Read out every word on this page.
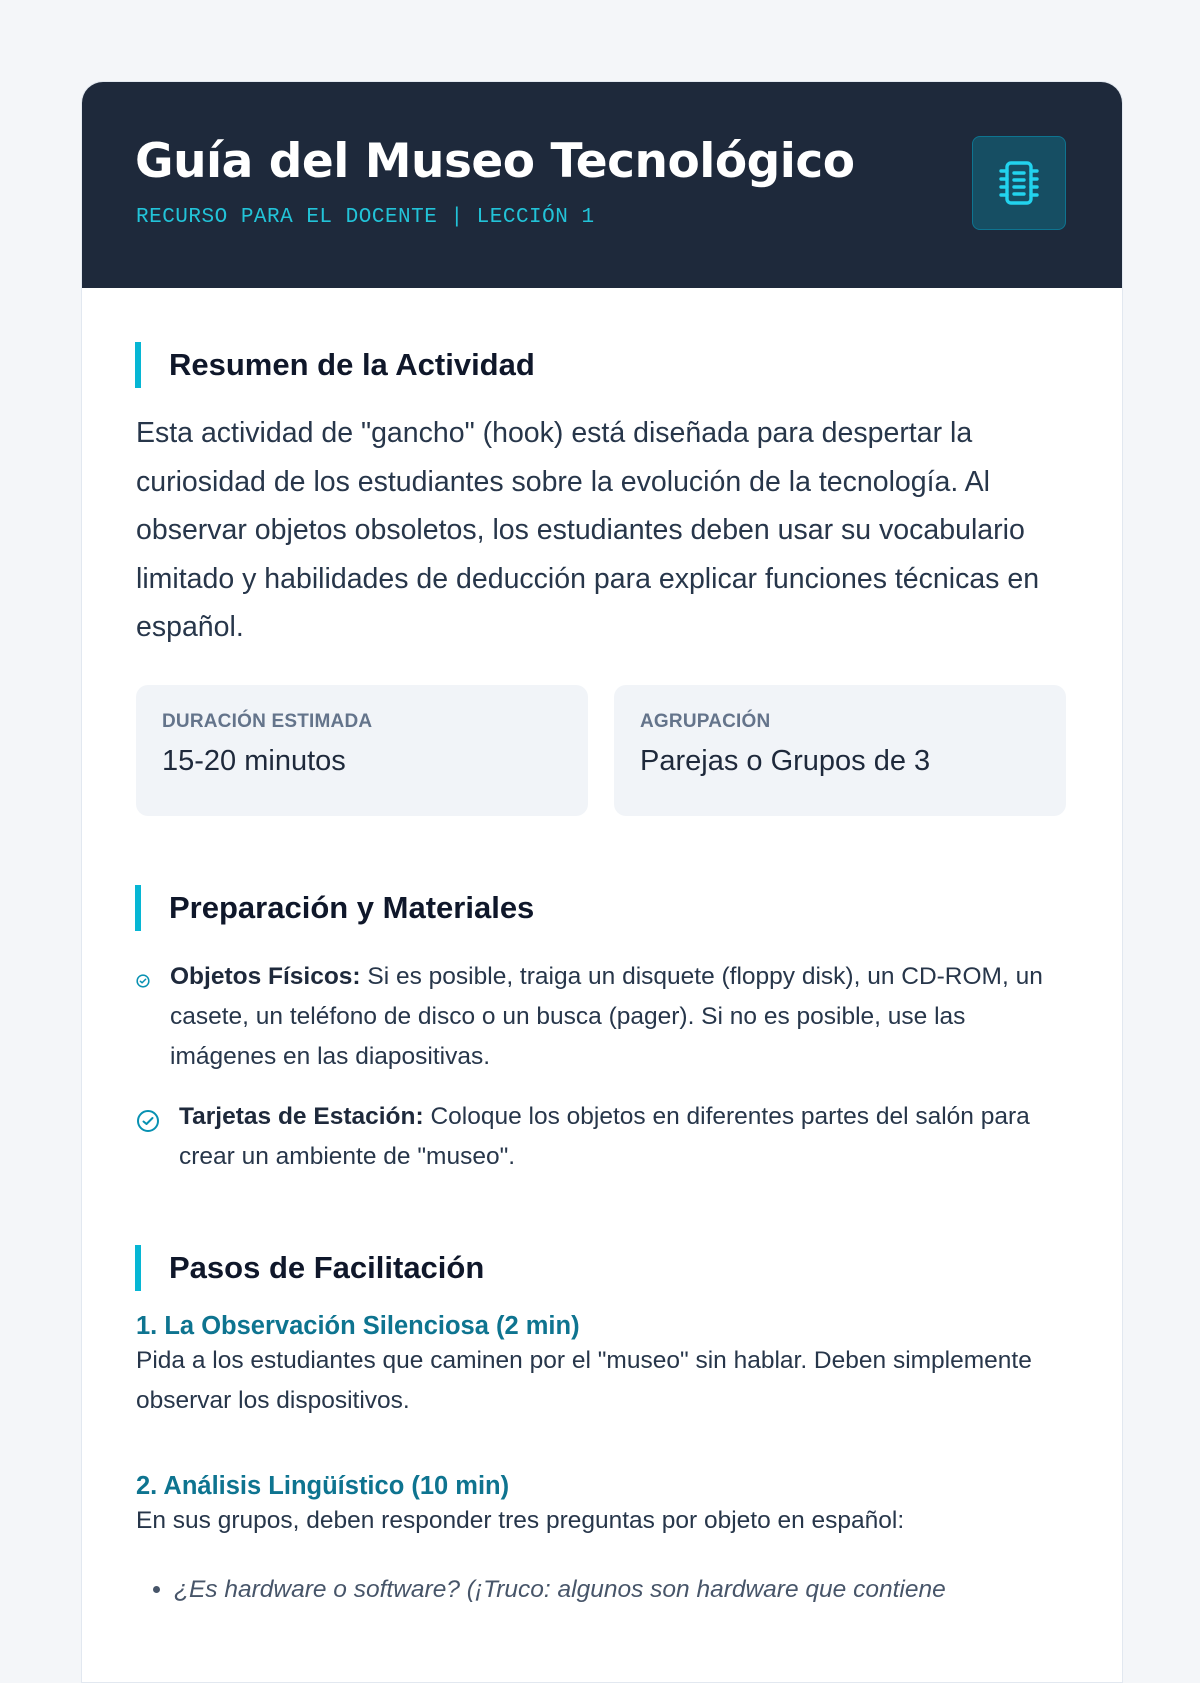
Guía del Museo Tecnológico
RECURSO PARA EL DOCENTE | LECCIÓN 1
Resumen de la Actividad

Esta actividad de "gancho" (hook) está diseñada para despertar la curiosidad de los estudiantes sobre la evolución de la tecnología. Al observar objetos obsoletos, los estudiantes deben usar su vocabulario limitado y habilidades de deducción para explicar funciones técnicas en español.

DURACIÓN ESTIMADA
15-20 minutos
AGRUPACIÓN
Parejas o Grupos de 3
Preparación y Materiales
Objetos Físicos: Si es posible, traiga un disquete (floppy disk), un CD-ROM, un casete, un teléfono de disco o un busca (pager). Si no es posible, use las imágenes en las diapositivas.
Tarjetas de Estación: Coloque los objetos en diferentes partes del salón para crear un ambiente de "museo".
Pasos de Facilitación
1. La Observación Silenciosa (2 min)

Pida a los estudiantes que caminen por el "museo" sin hablar. Deben simplemente observar los dispositivos.

2. Análisis Lingüístico (10 min)

En sus grupos, deben responder tres preguntas por objeto en español:

• ¿Es hardware o software? (¡Truco: algunos son hardware que contiene
